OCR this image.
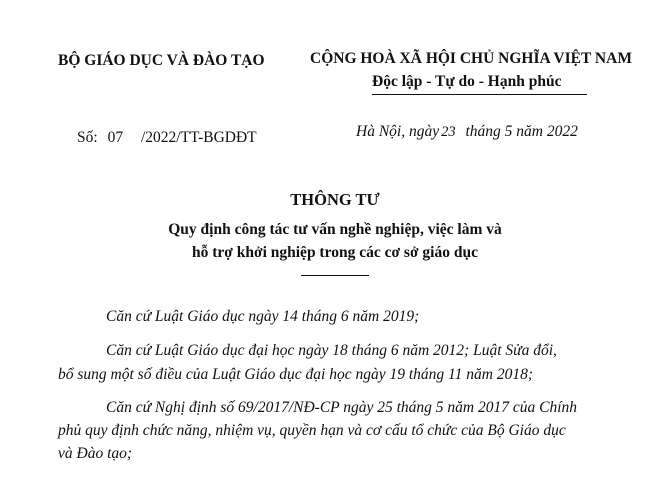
BỘ GIÁO DỤC VÀ ĐÀO TẠO	CỘNG HOÀ XÃ HỘI CHỦ NGHĨA VIỆT NAM
Độc lập - Tự do - Hạnh phúc
Số: 07 /2022/TT-BGDĐT	Hà Nội, ngày 23 tháng 5 năm 2022
THÔNG TƯ
Quy định công tác tư vấn nghề nghiệp, việc làm và
hỗ trợ khởi nghiệp trong các cơ sở giáo dục
Căn cứ Luật Giáo dục ngày 14 tháng 6 năm 2019;
Căn cứ Luật Giáo dục đại học ngày 18 tháng 6 năm 2012; Luật Sửa đổi,
bổ sung một số điều của Luật Giáo dục đại học ngày 19 tháng 11 năm 2018;
Căn cứ Nghị định số 69/2017/NĐ-CP ngày 25 tháng 5 năm 2017 của Chính
phủ quy định chức năng, nhiệm vụ, quyền hạn và cơ cấu tổ chức của Bộ Giáo dục
và Đào tạo;
